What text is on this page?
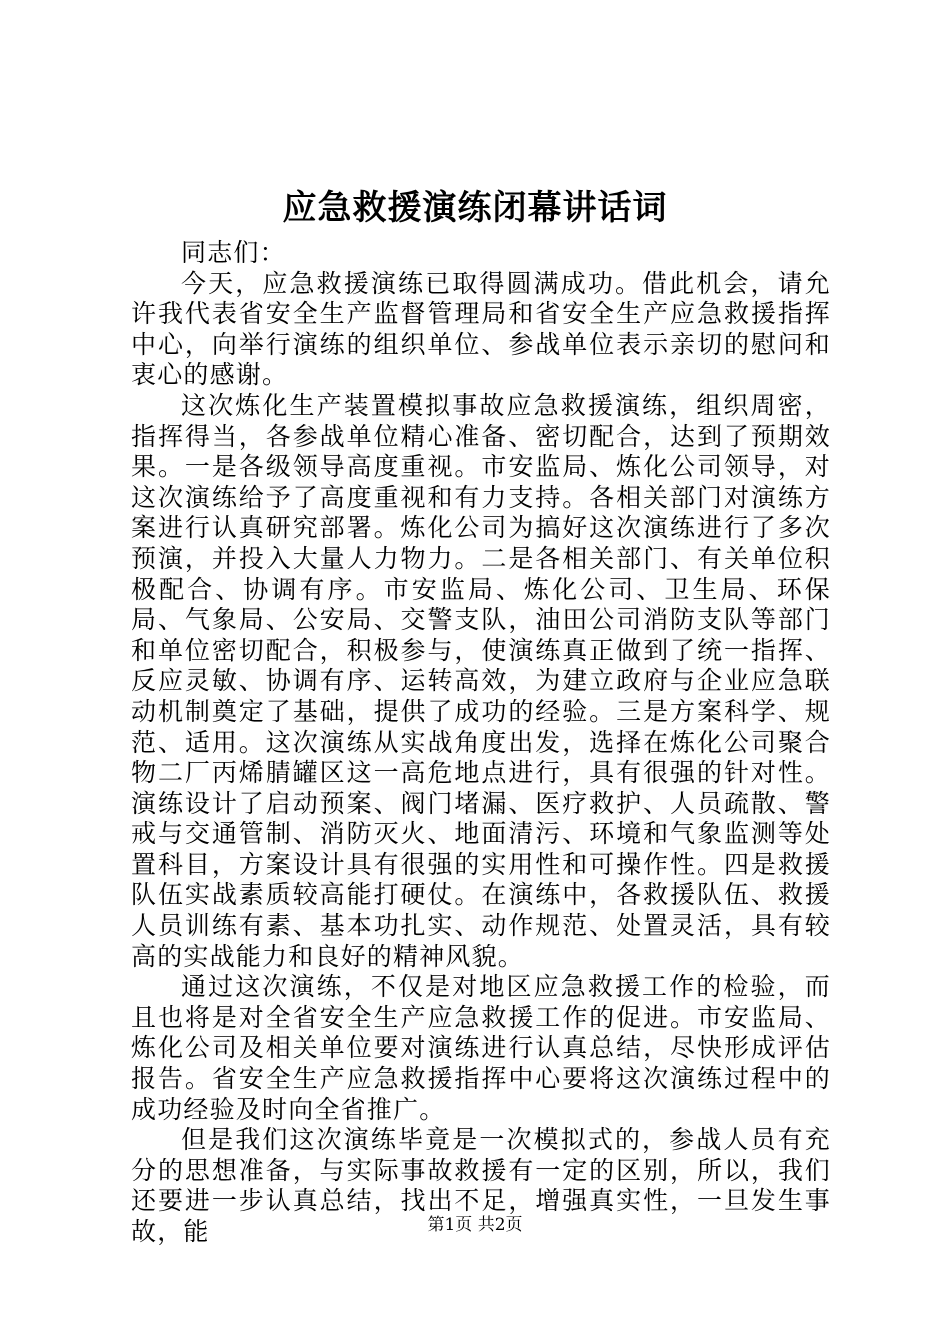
应急救援演练闭幕讲话词

同志们：

今天，应急救援演练已取得圆满成功。借此机会，请允许我代表省安全生产监督管理局和省安全生产应急救援指挥中心，向举行演练的组织单位、参战单位表示亲切的慰问和衷心的感谢。

这次炼化生产装置模拟事故应急救援演练，组织周密，指挥得当，各参战单位精心准备、密切配合，达到了预期效果。一是各级领导高度重视。市安监局、炼化公司领导，对这次演练给予了高度重视和有力支持。各相关部门对演练方案进行认真研究部署。炼化公司为搞好这次演练进行了多次预演，并投入大量人力物力。二是各相关部门、有关单位积极配合、协调有序。市安监局、炼化公司、卫生局、环保局、气象局、公安局、交警支队，油田公司消防支队等部门和单位密切配合，积极参与，使演练真正做到了统一指挥、反应灵敏、协调有序、运转高效，为建立政府与企业应急联动机制奠定了基础，提供了成功的经验。三是方案科学、规范、适用。这次演练从实战角度出发，选择在炼化公司聚合物二厂丙烯腈罐区这一高危地点进行，具有很强的针对性。演练设计了启动预案、阀门堵漏、医疗救护、人员疏散、警戒与交通管制、消防灭火、地面清污、环境和气象监测等处置科目，方案设计具有很强的实用性和可操作性。四是救援队伍实战素质较高能打硬仗。在演练中，各救援队伍、救援人员训练有素、基本功扎实、动作规范、处置灵活，具有较高的实战能力和良好的精神风貌。

通过这次演练，不仅是对地区应急救援工作的检验，而且也将是对全省安全生产应急救援工作的促进。市安监局、炼化公司及相关单位要对演练进行认真总结，尽快形成评估报告。省安全生产应急救援指挥中心要将这次演练过程中的成功经验及时向全省推广。

但是我们这次演练毕竟是一次模拟式的，参战人员有充分的思想准备，与实际事故救援有一定的区别，所以，我们还要进一步认真总结，找出不足，增强真实性，一旦发生事故，能	第1页 共2页
